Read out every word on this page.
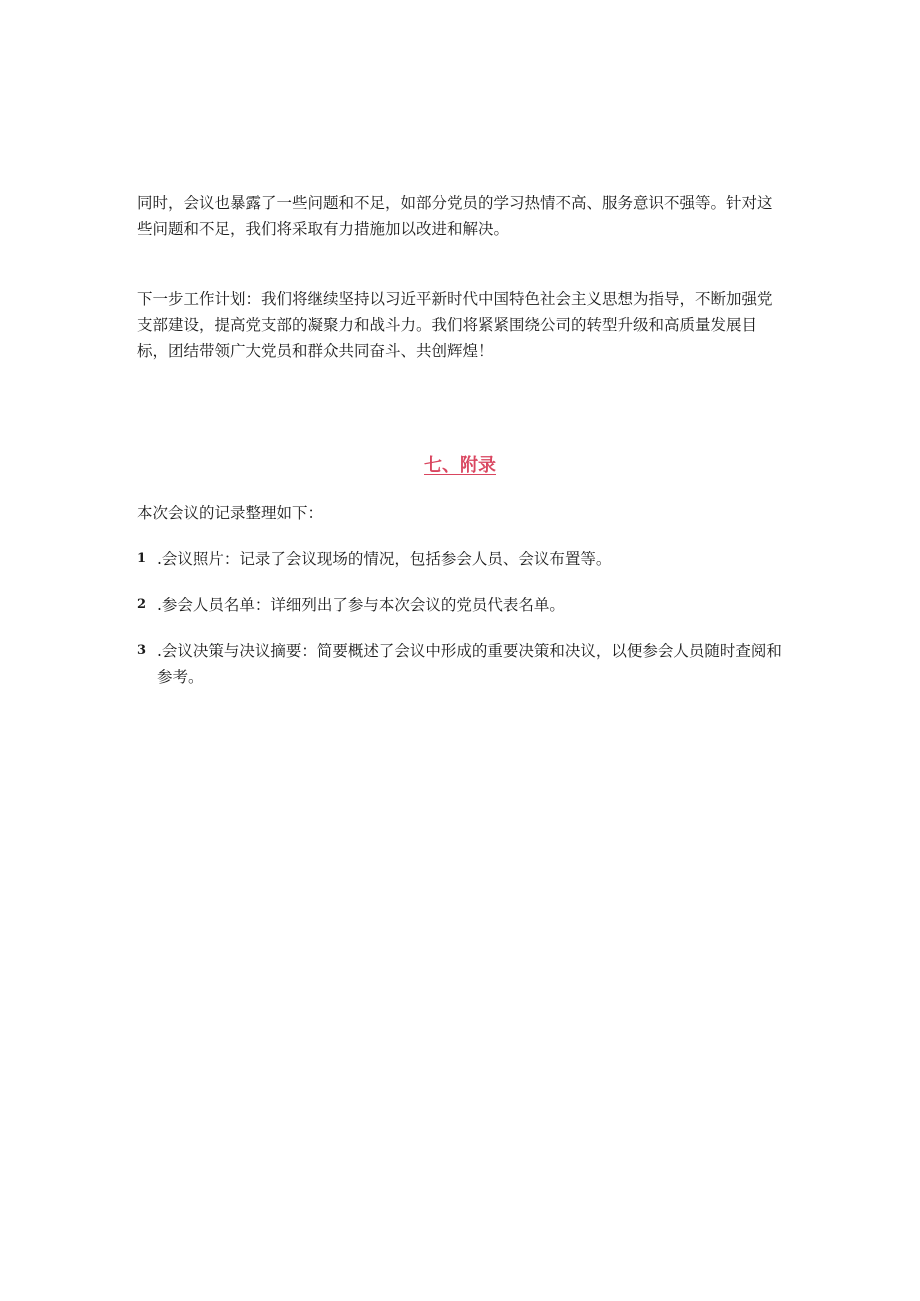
同时，会议也暴露了一些问题和不足，如部分党员的学习热情不高、服务意识不强等。针对这些问题和不足，我们将采取有力措施加以改进和解决。

下一步工作计划：我们将继续坚持以习近平新时代中国特色社会主义思想为指导，不断加强党支部建设，提高党支部的凝聚力和战斗力。我们将紧紧围绕公司的转型升级和高质量发展目标，团结带领广大党员和群众共同奋斗、共创辉煌！

七、附录

本次会议的记录整理如下：

1 .会议照片：记录了会议现场的情况，包括参会人员、会议布置等。
2 .参会人员名单：详细列出了参与本次会议的党员代表名单。
3 .会议决策与决议摘要：简要概述了会议中形成的重要决策和决议，以便参会人员随时查阅和参考。
